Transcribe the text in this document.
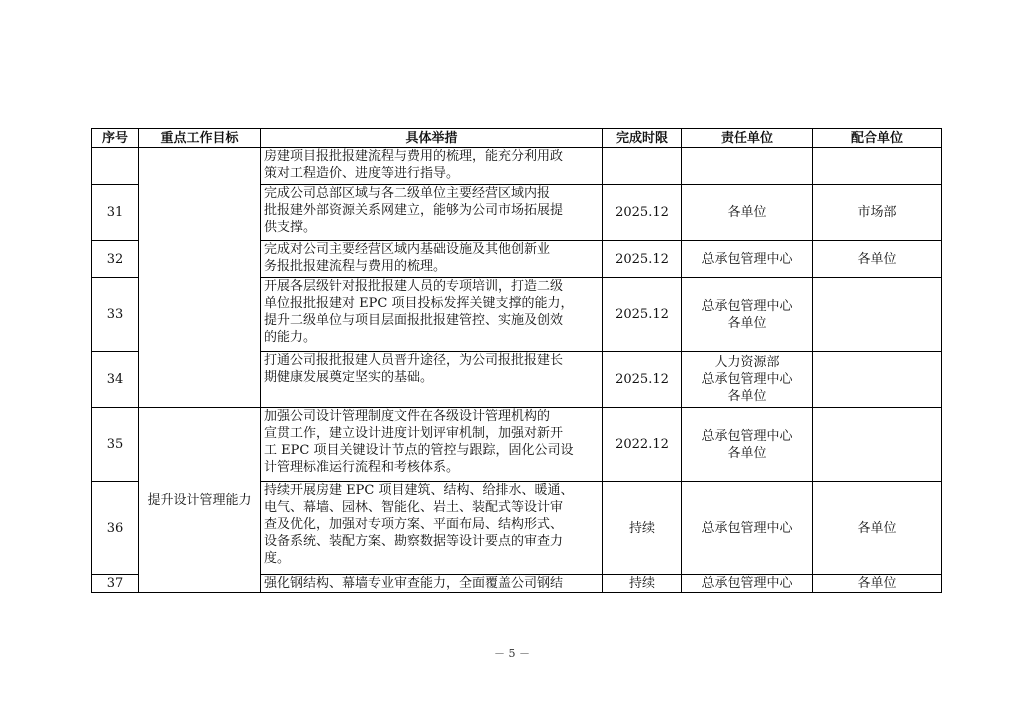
序号	重点工作目标	具体举措	完成时限	责任单位	配合单位

		房建项目报批报建流程与费用的梳理，能充分利用政
策对工程造价、进度等进行指导。			

31		完成公司总部区域与各二级单位主要经营区域内报
批报建外部资源关系网建立，能够为公司市场拓展提
供支撑。	2025.12	各单位	市场部
32		完成对公司主要经营区域内基础设施及其他创新业
务报批报建流程与费用的梳理。	2025.12	总承包管理中心	各单位
33		开展各层级针对报批报建人员的专项培训，打造二级
单位报批报建对 EPC 项目投标发挥关键支撑的能力，
提升二级单位与项目层面报批报建管控、实施及创效
的能力。	2025.12	总承包管理中心
各单位	

34		打通公司报批报建人员晋升途径，为公司报批报建长
期健康发展奠定坚实的基础。	2025.12	人力资源部
总承包管理中心
各单位	

35	提升设计管理能力	加强公司设计管理制度文件在各级设计管理机构的
宣贯工作，建立设计进度计划评审机制，加强对新开
工 EPC 项目关键设计节点的管控与跟踪，固化公司设
计管理标准运行流程和考核体系。	2022.12	总承包管理中心
各单位	

36		持续开展房建 EPC 项目建筑、结构、给排水、暖通、
电气、幕墙、园林、智能化、岩土、装配式等设计审
查及优化，加强对专项方案、平面布局、结构形式、
设备系统、装配方案、勘察数据等设计要点的审查力
度。	持续	总承包管理中心	各单位
37		强化钢结构、幕墙专业审查能力，全面覆盖公司钢结	持续	总承包管理中心	各单位
－ 5 －
